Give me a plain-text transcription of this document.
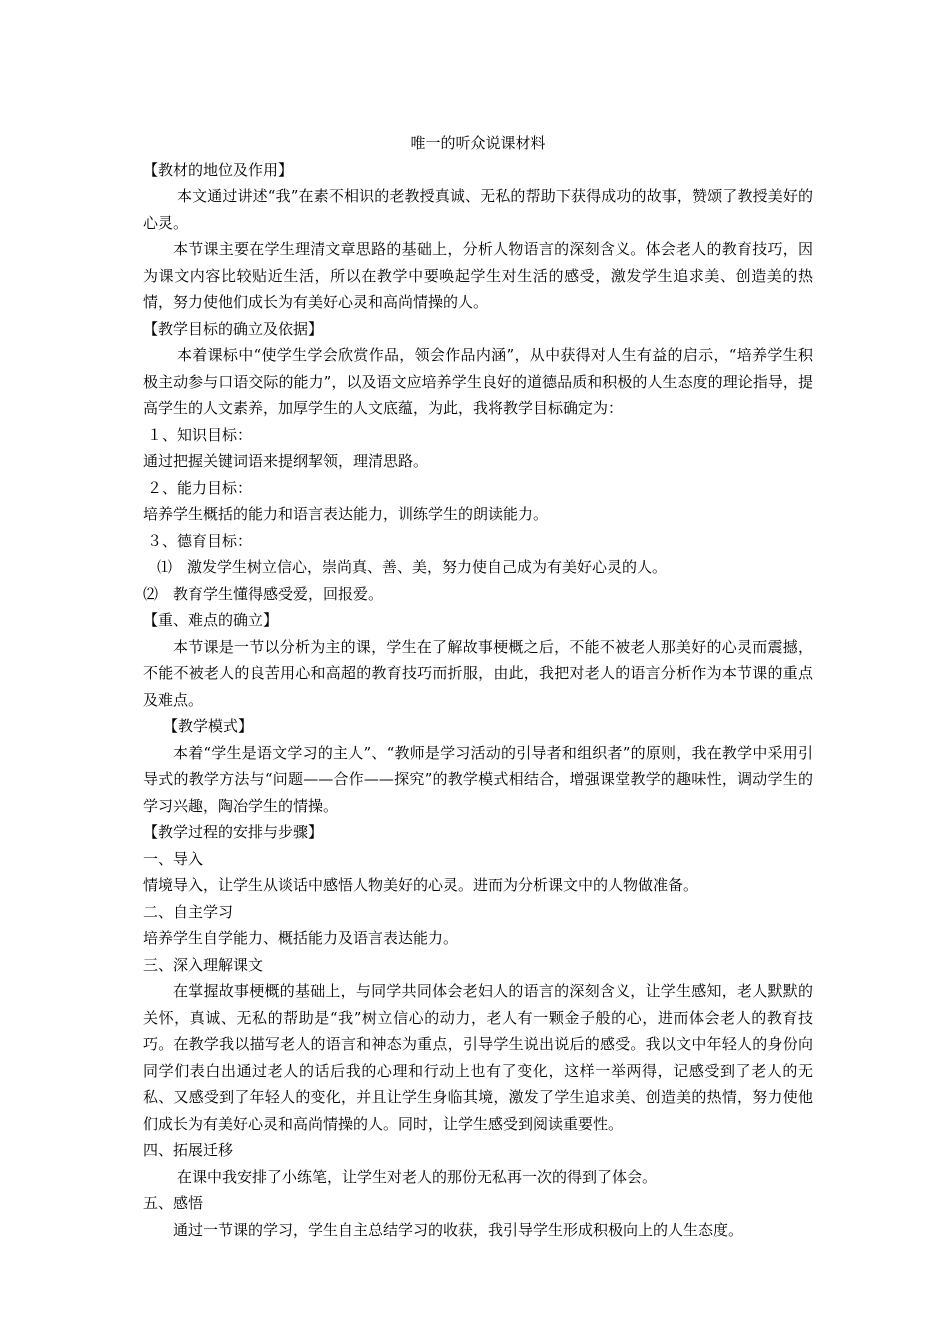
唯一的听众说课材料

【教材的地位及作用】

本文通过讲述“我”在素不相识的老教授真诚、无私的帮助下获得成功的故事，赞颂了教授美好的心灵。

本节课主要在学生理清文章思路的基础上，分析人物语言的深刻含义。体会老人的教育技巧，因为课文内容比较贴近生活，所以在教学中要唤起学生对生活的感受，激发学生追求美、创造美的热情，努力使他们成长为有美好心灵和高尚情操的人。

【教学目标的确立及依据】

本着课标中“使学生学会欣赏作品，领会作品内涵”，从中获得对人生有益的启示，“培养学生积极主动参与口语交际的能力”，以及语文应培养学生良好的道德品质和积极的人生态度的理论指导，提高学生的人文素养，加厚学生的人文底蕴，为此，我将教学目标确定为：

１、知识目标：

通过把握关键词语来提纲挈领，理清思路。

２、能力目标：

培养学生概括的能力和语言表达能力，训练学生的朗读能力。

３、德育目标：

⑴　激发学生树立信心，崇尚真、善、美，努力使自己成为有美好心灵的人。

⑵　教育学生懂得感受爱，回报爱。

【重、难点的确立】

本节课是一节以分析为主的课，学生在了解故事梗概之后，不能不被老人那美好的心灵而震撼，不能不被老人的良苦用心和高超的教育技巧而折服，由此，我把对老人的语言分析作为本节课的重点及难点。

【教学模式】

本着“学生是语文学习的主人”、“教师是学习活动的引导者和组织者”的原则，我在教学中采用引导式的教学方法与“问题——合作——探究”的教学模式相结合，增强课堂教学的趣味性，调动学生的学习兴趣，陶冶学生的情操。

【教学过程的安排与步骤】

一、导入

情境导入，让学生从谈话中感悟人物美好的心灵。进而为分析课文中的人物做准备。

二、自主学习

培养学生自学能力、概括能力及语言表达能力。

三、深入理解课文

在掌握故事梗概的基础上，与同学共同体会老妇人的语言的深刻含义，让学生感知，老人默默的关怀，真诚、无私的帮助是“我”树立信心的动力，老人有一颗金子般的心，进而体会老人的教育技巧。在教学我以描写老人的语言和神态为重点，引导学生说出说后的感受。我以文中年轻人的身份向同学们表白出通过老人的话后我的心理和行动上也有了变化，这样一举两得，记感受到了老人的无私、又感受到了年轻人的变化，并且让学生身临其境，激发了学生追求美、创造美的热情，努力使他们成长为有美好心灵和高尚情操的人。同时，让学生感受到阅读重要性。

四、拓展迁移

在课中我安排了小练笔，让学生对老人的那份无私再一次的得到了体会。

五、感悟

通过一节课的学习，学生自主总结学习的收获，我引导学生形成积极向上的人生态度。
